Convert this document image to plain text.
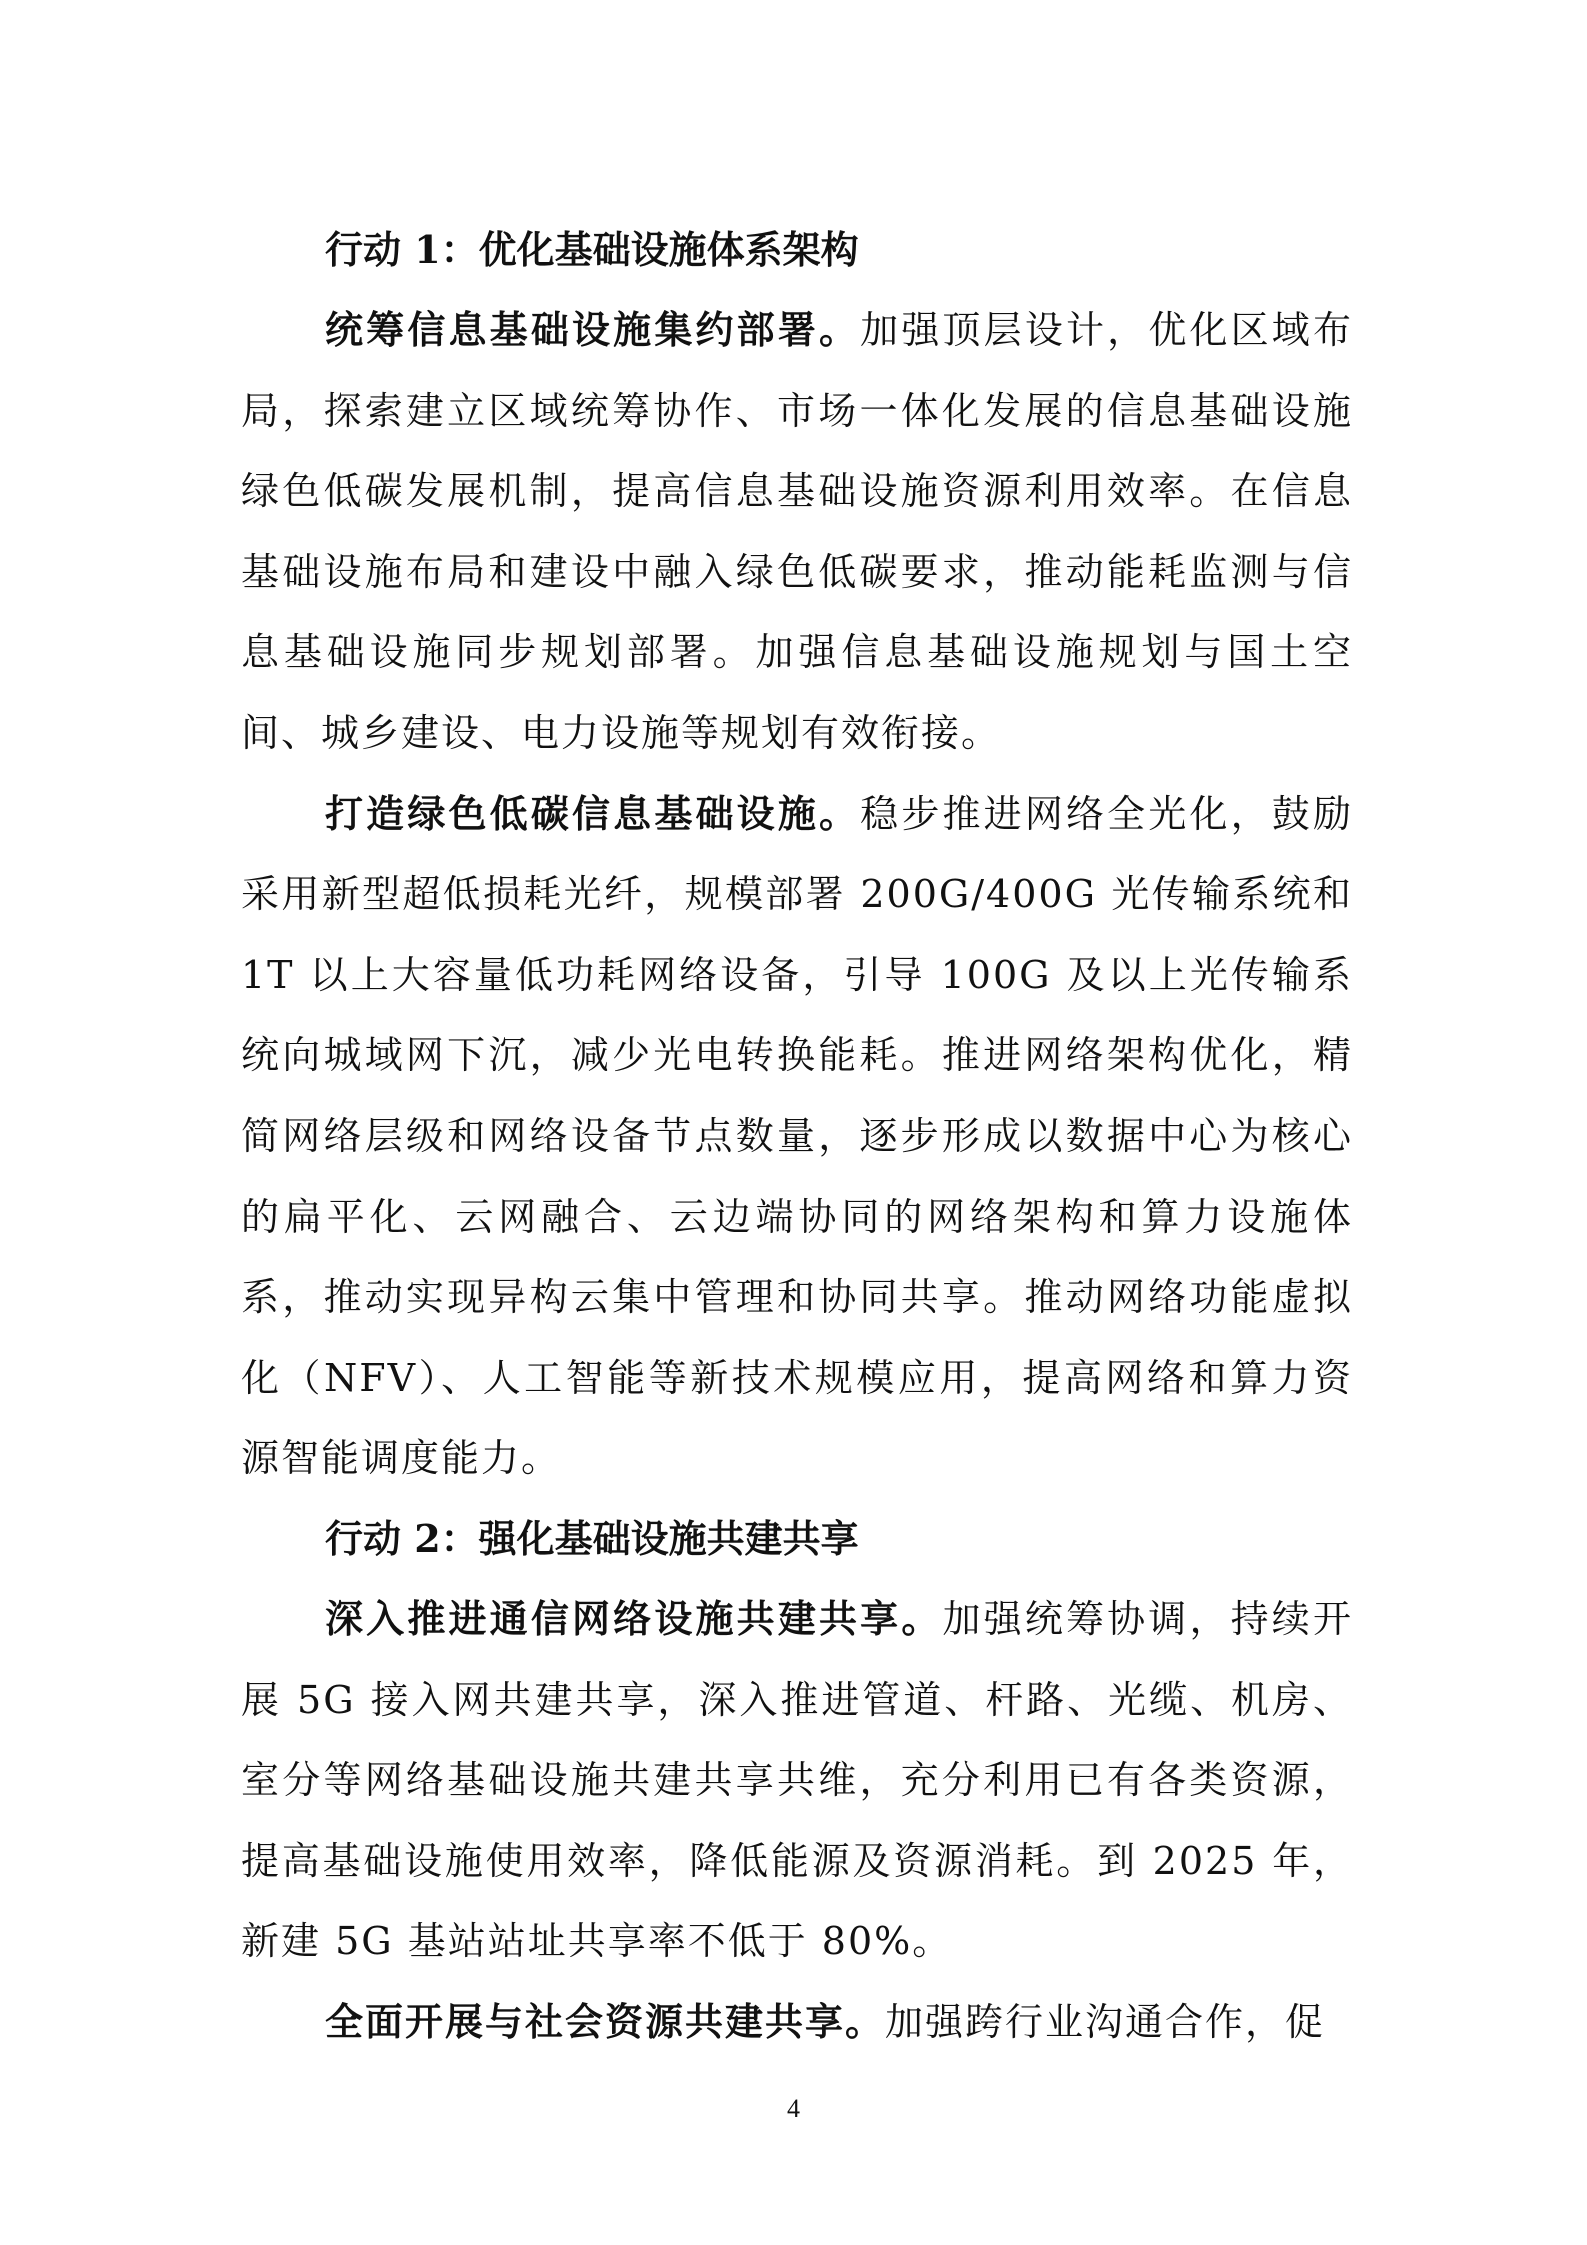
行动 1：优化基础设施体系架构

统筹信息基础设施集约部署。加强顶层设计，优化区域布局，探索建立区域统筹协作、市场一体化发展的信息基础设施绿色低碳发展机制，提高信息基础设施资源利用效率。在信息基础设施布局和建设中融入绿色低碳要求，推动能耗监测与信息基础设施同步规划部署。加强信息基础设施规划与国土空间、城乡建设、电力设施等规划有效衔接。

打造绿色低碳信息基础设施。稳步推进网络全光化，鼓励采用新型超低损耗光纤，规模部署 200G/400G 光传输系统和 1T 以上大容量低功耗网络设备，引导 100G 及以上光传输系统向城域网下沉，减少光电转换能耗。推进网络架构优化，精简网络层级和网络设备节点数量，逐步形成以数据中心为核心的扁平化、云网融合、云边端协同的网络架构和算力设施体系，推动实现异构云集中管理和协同共享。推动网络功能虚拟化（NFV）、人工智能等新技术规模应用，提高网络和算力资源智能调度能力。

行动 2：强化基础设施共建共享

深入推进通信网络设施共建共享。加强统筹协调，持续开展 5G 接入网共建共享，深入推进管道、杆路、光缆、机房、室分等网络基础设施共建共享共维，充分利用已有各类资源，提高基础设施使用效率，降低能源及资源消耗。到 2025 年，新建 5G 基站站址共享率不低于 80%。

全面开展与社会资源共建共享。加强跨行业沟通合作，促

4
